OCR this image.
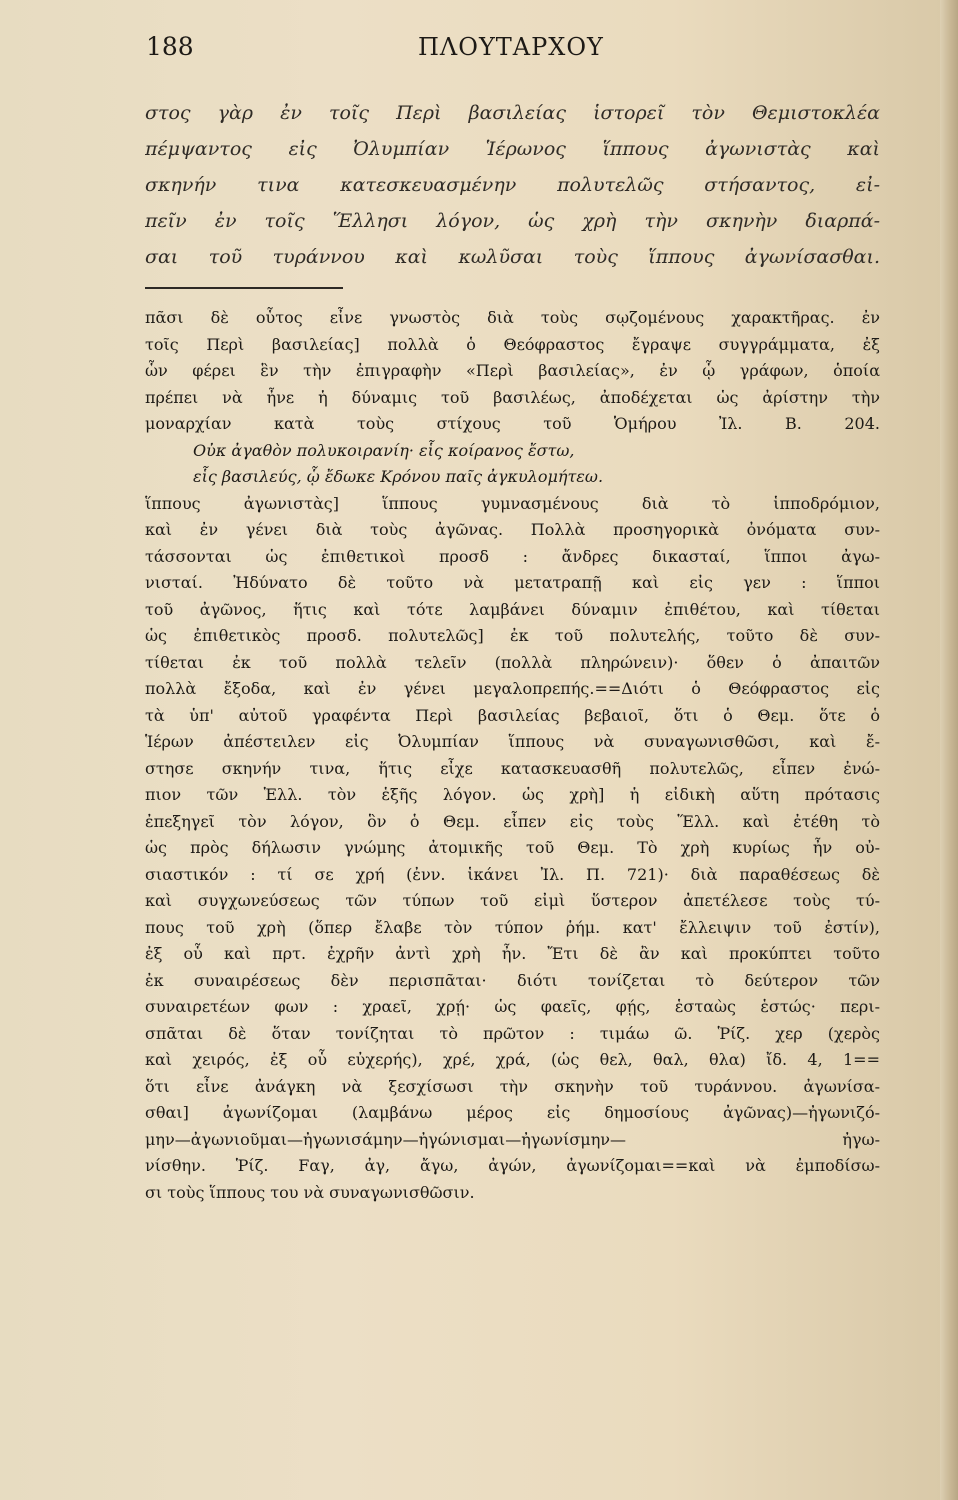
188	ΠΛΟΥΤΑΡΧΟΥ
στος γὰρ ἐν τοῖς Περὶ βασιλείας ἱστορεῖ τὸν Θεμιστοκλέα
πέμψαντος εἰς Ὀλυμπίαν Ἱέρωνος ἵππους ἀγωνιστὰς καὶ
σκηνήν τινα κατεσκευασμένην πολυτελῶς στήσαντος, εἰ-
πεῖν ἐν τοῖς Ἕλλησι λόγον, ὡς χρὴ τὴν σκηνὴν διαρπά-
σαι τοῦ τυράννου καὶ κωλῦσαι τοὺς ἵππους ἀγωνίσασθαι.
πᾶσι δὲ οὗτος εἶνε γνωστὸς διὰ τοὺς σῳζομένους χαρακτῆρας. ἐν
τοῖς Περὶ βασιλείας] πολλὰ ὁ Θεόφραστος ἔγραψε συγγράμματα, ἐξ
ὧν φέρει ἓν τὴν ἐπιγραφὴν «Περὶ βασιλείας», ἐν ᾧ γράφων, ὁποία
πρέπει νὰ ἦνε ἡ δύναμις τοῦ βασιλέως, ἀποδέχεται ὡς ἀρίστην τὴν
μοναρχίαν κατὰ τοὺς στίχους τοῦ Ὁμήρου Ἰλ. Β. 204.
Οὐκ ἀγαθὸν πολυκοιρανίη· εἷς κοίρανος ἔστω,
εἷς βασιλεύς, ᾧ ἔδωκε Κρόνου παῖς ἀγκυλομήτεω.
ἵππους ἀγωνιστὰς] ἵππους γυμνασμένους διὰ τὸ ἱπποδρόμιον,
καὶ ἐν γένει διὰ τοὺς ἀγῶνας. Πολλὰ προσηγορικὰ ὀνόματα συν-
τάσσονται ὡς ἐπιθετικοὶ προσδ : ἄνδρες δικασταί, ἵπποι ἀγω-
νισταί. Ἠδύνατο δὲ τοῦτο νὰ μετατραπῇ καὶ εἰς γεν : ἵπποι
τοῦ ἀγῶνος, ἥτις καὶ τότε λαμβάνει δύναμιν ἐπιθέτου, καὶ τίθεται
ὡς ἐπιθετικὸς προσδ. πολυτελῶς] ἐκ τοῦ πολυτελής, τοῦτο δὲ συν-
τίθεται ἐκ τοῦ πολλὰ τελεῖν (πολλὰ πληρώνειν)· ὅθεν ὁ ἀπαιτῶν
πολλὰ ἔξοδα, καὶ ἐν γένει μεγαλοπρεπής.==Διότι ὁ Θεόφραστος εἰς
τὰ ὑπ' αὐτοῦ γραφέντα Περὶ βασιλείας βεβαιοῖ, ὅτι ὁ Θεμ. ὅτε ὁ
Ἱέρων ἀπέστειλεν εἰς Ὀλυμπίαν ἵππους νὰ συναγωνισθῶσι, καὶ ἔ-
στησε σκηνήν τινα, ἥτις εἶχε κατασκευασθῆ πολυτελῶς, εἶπεν ἐνώ-
πιον τῶν Ἑλλ. τὸν ἑξῆς λόγον. ὡς χρὴ] ἡ εἰδικὴ αὕτη πρότασις
ἐπεξηγεῖ τὸν λόγον, ὃν ὁ Θεμ. εἶπεν εἰς τοὺς Ἕλλ. καὶ ἐτέθη τὸ
ὡς πρὸς δήλωσιν γνώμης ἀτομικῆς τοῦ Θεμ. Τὸ χρὴ κυρίως ἦν οὐ-
σιαστικόν : τί σε χρή (ἐνν. ἱκάνει Ἰλ. Π. 721)· διὰ παραθέσεως δὲ
καὶ συγχωνεύσεως τῶν τύπων τοῦ εἰμὶ ὕστερον ἀπετέλεσε τοὺς τύ-
πους τοῦ χρὴ (ὅπερ ἔλαβε τὸν τύπον ῥήμ. κατ' ἔλλειψιν τοῦ ἐστίν),
ἐξ οὗ καὶ πρτ. ἐχρῆν ἀντὶ χρὴ ἦν. Ἔτι δὲ ἂν καὶ προκύπτει τοῦτο
ἐκ συναιρέσεως δὲν περισπᾶται· διότι τονίζεται τὸ δεύτερον τῶν
συναιρετέων φων : χραεῖ, χρῄ· ὡς φαεῖς, φῄς, ἑσταὼς ἑστώς· περι-
σπᾶται δὲ ὅταν τονίζηται τὸ πρῶτον : τιμάω ῶ. Ῥίζ. χερ (χερὸς
καὶ χειρός, ἐξ οὗ εὐχερής), χρέ, χρά, (ὡς θελ, θαλ, θλα) ἴδ. 4, 1==
ὅτι εἶνε ἀνάγκη νὰ ξεσχίσωσι τὴν σκηνὴν τοῦ τυράννου. ἀγωνίσα-
σθαι] ἀγωνίζομαι (λαμβάνω μέρος εἰς δημοσίους ἀγῶνας)—ἠγωνιζό-
μην—ἀγωνιοῦμαι—ἠγωνισάμην—ἠγώνισμαι—ἠγωνίσμην— ἠγω-
νίσθην. Ῥίζ. Fαγ, ἀγ, ἄγω, ἀγών, ἀγωνίζομαι==καὶ νὰ ἐμποδίσω-
σι τοὺς ἵππους του νὰ συναγωνισθῶσιν.
